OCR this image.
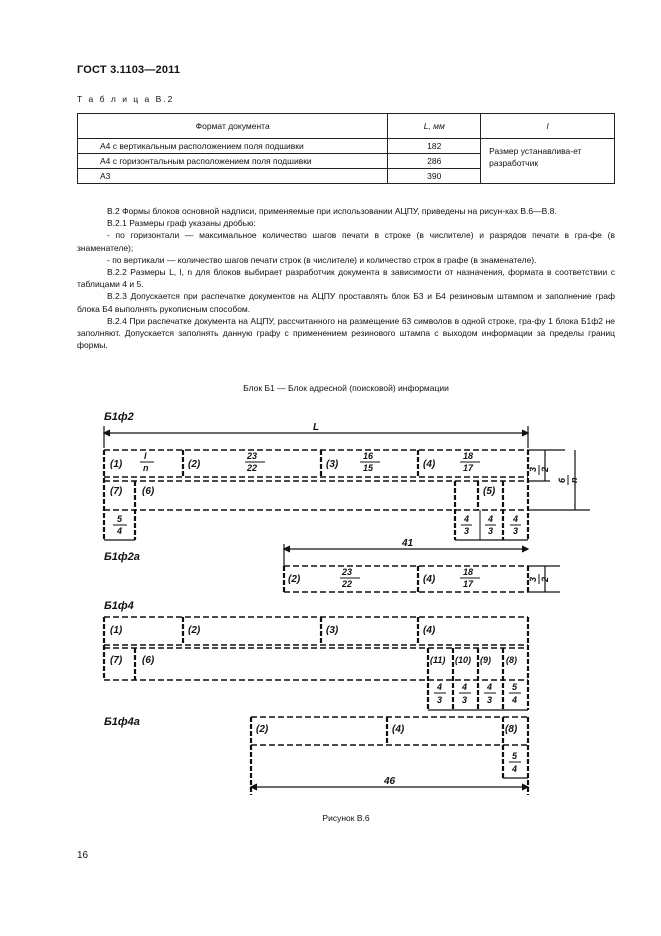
ГОСТ 3.1103—2011
Т а б л и ц а В.2
Формат документа	L, мм	l
А4 с вертикальным расположением поля подшивки	182	Размер устанавлива-ет разработчик
А4 с горизонтальным расположением поля подшивки	286	
А3	390	

В.2 Формы блоков основной надписи, применяемые при использовании АЦПУ, приведены на рисун-ках В.6—В.8.

В.2.1 Размеры граф указаны дробью:

- по горизонтали — максимальное количество шагов печати в строке (в числителе) и разрядов печати в гра-фе (в знаменателе);

- по вертикали — количество шагов печати строк (в числителе) и количество строк в графе (в знаменателе).

В.2.2 Размеры L, l, n для блоков выбирает разработчик документа в зависимости от назначения, формата в соответствии с таблицами 4 и 5.

В.2.3 Допускается при распечатке документов на АЦПУ проставлять блок Б3 и Б4 резиновым штампом и заполнение граф блока Б4 выполнять рукописным способом.

В.2.4 При распечатке документа на АЦПУ, рассчитанного на размещение 63 символов в одной строке, гра-фу 1 блока Б1ф2 не заполняют. Допускается заполнять данную графу с применением резинового штампа с выходом информации за пределы границ формы.

Блок Б1 — Блок адресной (поисковой) информации
Б1ф2
Б1ф2а
Б1ф4
Б1ф4а
L
(1)
l
n	(2)
23
22	(3)
16
15	(4)
18
17
(7) (6)	(5)
5
4
4
3
4
3
4
3
3 2
6 n
41
(2)	(4)
23
22
18
17	3 2
(1)	(2)	(3)	(4)
(7) (6)	(11) (10) (9) (8)
4
3
4
3
4
3
5
4
(2)	(4)	(8)
5
4
46
Рисунок В.6
16
